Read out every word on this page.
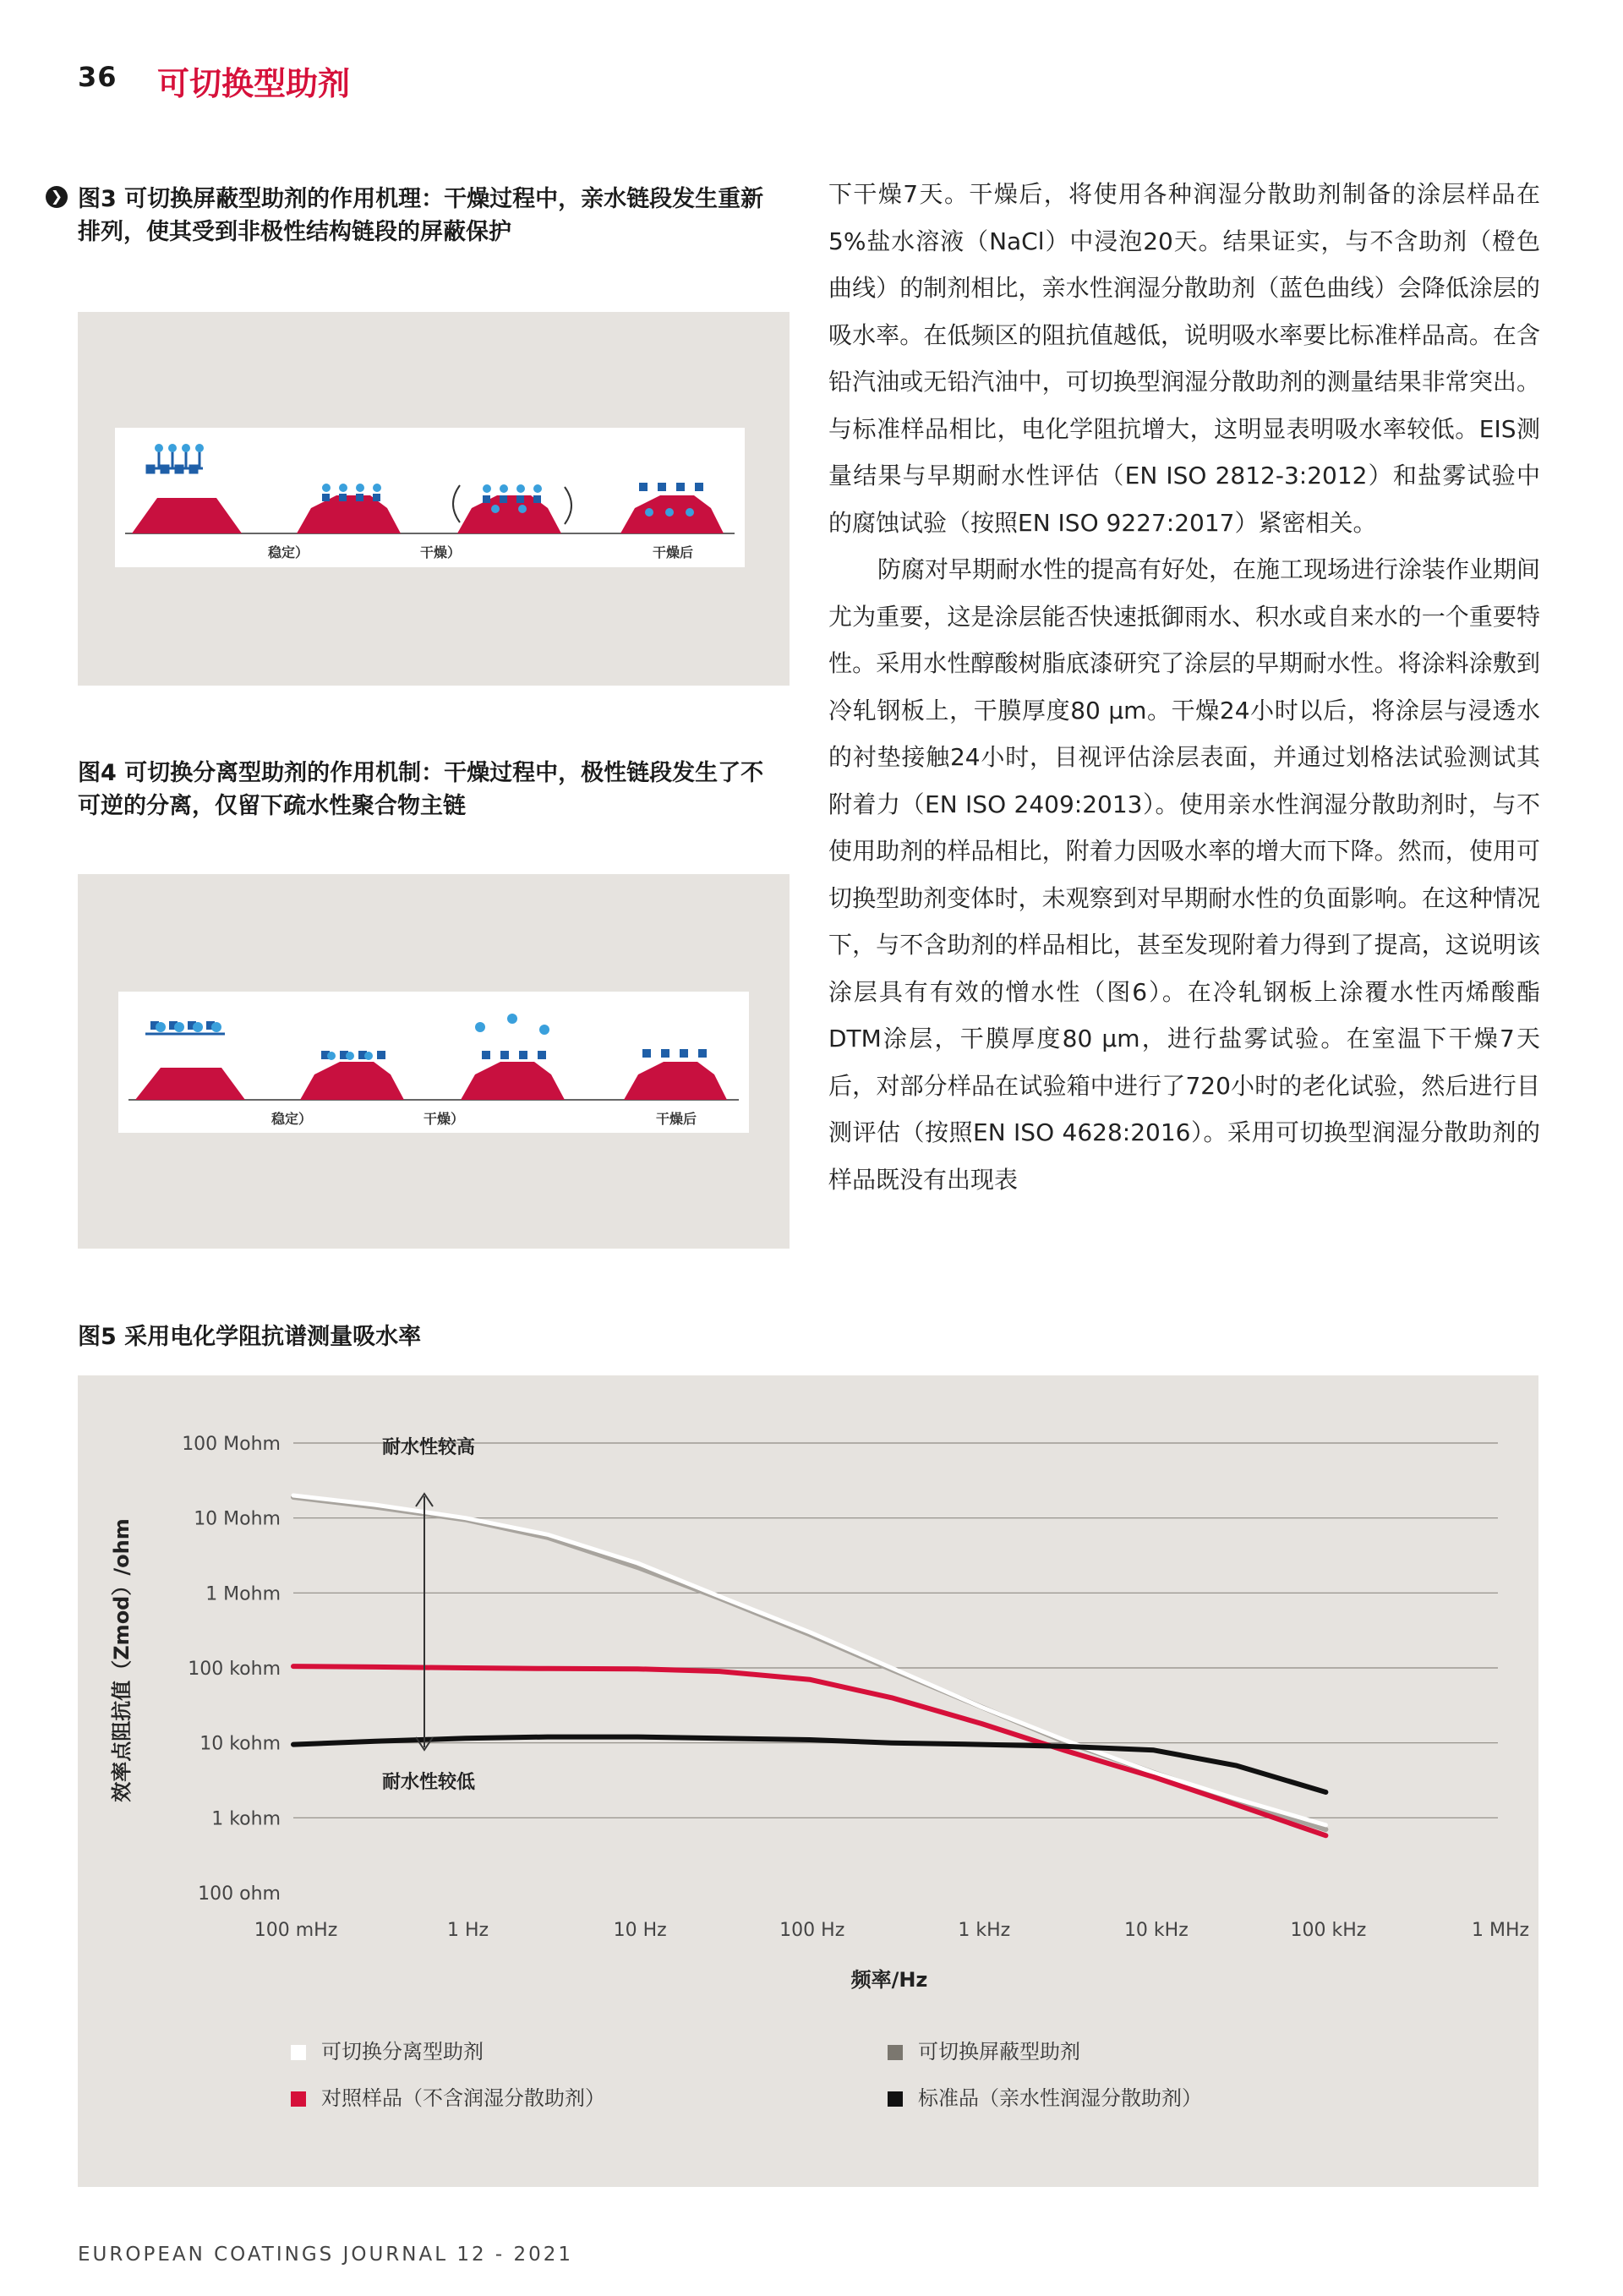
36 可切换型助剂
❯ 图3 可切换屏蔽型助剂的作用机理：干燥过程中，亲水链段发生重新排列，使其受到非极性结构链段的屏蔽保护
稳定）	干燥）	干燥后
图4 可切换分离型助剂的作用机制：干燥过程中，极性链段发生了不可逆的分离，仅留下疏水性聚合物主链
稳定）	干燥）	干燥后

下干燥7天。干燥后，将使用各种润湿分散助剂制备的涂层样品在5%盐水溶液（NaCl）中浸泡20天。结果证实，与不含助剂（橙色曲线）的制剂相比，亲水性润湿分散助剂（蓝色曲线）会降低涂层的吸水率。在低频区的阻抗值越低，说明吸水率要比标准样品高。在含铅汽油或无铅汽油中，可切换型润湿分散助剂的测量结果非常突出。与标准样品相比，电化学阻抗增大，这明显表明吸水率较低。EIS测量结果与早期耐水性评估（EN ISO 2812-3:2012）和盐雾试验中的腐蚀试验（按照EN ISO 9227:2017）紧密相关。

防腐对早期耐水性的提高有好处，在施工现场进行涂装作业期间尤为重要，这是涂层能否快速抵御雨水、积水或自来水的一个重要特性。采用水性醇酸树脂底漆研究了涂层的早期耐水性。将涂料涂敷到冷轧钢板上，干膜厚度80 μm。干燥24小时以后，将涂层与浸透水的衬垫接触24小时，目视评估涂层表面，并通过划格法试验测试其附着力（EN ISO 2409:2013）。使用亲水性润湿分散助剂时，与不使用助剂的样品相比，附着力因吸水率的增大而下降。然而，使用可切换型助剂变体时，未观察到对早期耐水性的负面影响。在这种情况下，与不含助剂的样品相比，甚至发现附着力得到了提高，这说明该涂层具有有效的憎水性（图6）。在冷轧钢板上涂覆水性丙烯酸酯DTM涂层，干膜厚度80 μm，进行盐雾试验。在室温下干燥7天后，对部分样品在试验箱中进行了720小时的老化试验，然后进行目测评估（按照EN ISO 4628:2016）。采用可切换型润湿分散助剂的样品既没有出现表

图5 采用电化学阻抗谱测量吸水率
100 Mohm
10 Mohm
1 Mohm
100 kohm
10 kohm
1 kohm
100 ohm
100 mHz	1 Hz	10 Hz	100 Hz	1 kHz	10 kHz	100 kHz	1 MHz
耐水性较高
耐水性较低
频率/Hz
效率点阻抗值（Zmod）/ohm
可切换分离型助剂	可切换屏蔽型助剂
对照样品（不含润湿分散助剂）	标准品（亲水性润湿分散助剂）
EUROPEAN COATINGS JOURNAL 12 - 2021
